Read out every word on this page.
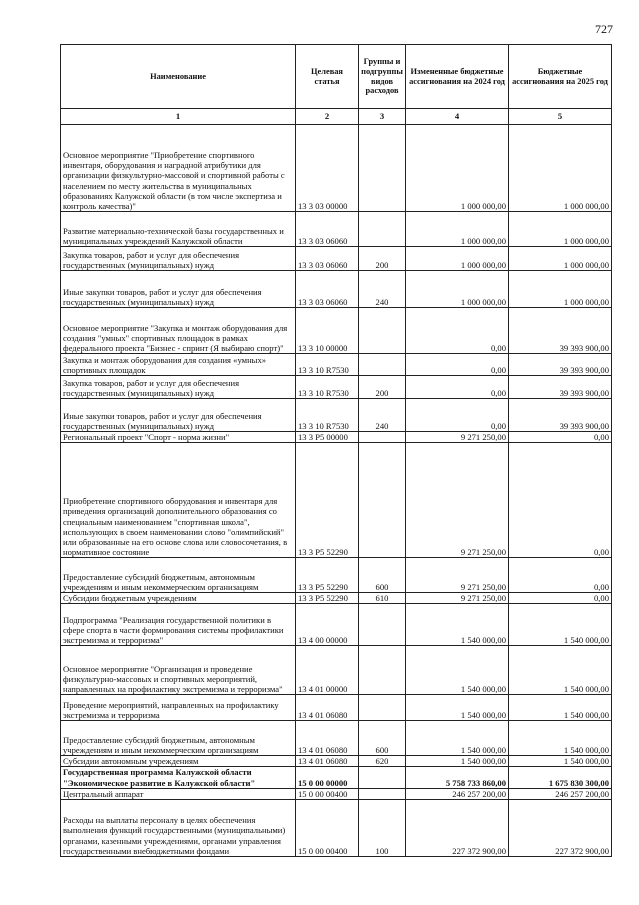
727
Наименование	Целевая статья	Группы и подгруппы видов расходов	Измененные бюджетные ассигнования на 2024 год	Бюджетные ассигнования на 2025 год
1	2	3	4	5
Основное мероприятие "Приобретение спортивного инвентаря, оборудования и наградной атрибутики для организации физкультурно-массовой и спортивной работы с населением по месту жительства в муниципальных образованиях Калужской области (в том числе экспертиза и контроль качества)"	13 3 03 00000		1 000 000,00	1 000 000,00
Развитие материально-технической базы государственных и муниципальных учреждений Калужской области	13 3 03 06060		1 000 000,00	1 000 000,00
Закупка товаров, работ и услуг для обеспечения государственных (муниципальных) нужд	13 3 03 06060	200	1 000 000,00	1 000 000,00
Иные закупки товаров, работ и услуг для обеспечения государственных (муниципальных) нужд	13 3 03 06060	240	1 000 000,00	1 000 000,00
Основное мероприятие "Закупка и монтаж оборудования для создания "умных" спортивных площадок в рамках федерального проекта "Бизнес - спринт (Я выбираю спорт)"	13 3 10 00000		0,00	39 393 900,00
Закупка и монтаж оборудования для создания «умных» спортивных площадок	13 3 10 R7530		0,00	39 393 900,00
Закупка товаров, работ и услуг для обеспечения государственных (муниципальных) нужд	13 3 10 R7530	200	0,00	39 393 900,00
Иные закупки товаров, работ и услуг для обеспечения государственных (муниципальных) нужд	13 3 10 R7530	240	0,00	39 393 900,00
Региональный проект "Спорт - норма жизни"	13 3 P5 00000		9 271 250,00	0,00
Приобретение спортивного оборудования и инвентаря для приведения организаций дополнительного образования со специальным наименованием "спортивная школа", использующих в своем наименовании слово "олимпийский" или образованные на его основе слова или словосочетания, в нормативное состояние	13 3 P5 52290		9 271 250,00	0,00
Предоставление субсидий бюджетным, автономным учреждениям и иным некоммерческим организациям	13 3 P5 52290	600	9 271 250,00	0,00
Субсидии бюджетным учреждениям	13 3 P5 52290	610	9 271 250,00	0,00
Подпрограмма "Реализация государственной политики в сфере спорта в части формирования системы профилактики экстремизма и терроризма"	13 4 00 00000		1 540 000,00	1 540 000,00
Основное мероприятие "Организация и проведение физкультурно-массовых и спортивных мероприятий, направленных на профилактику экстремизма и терроризма"	13 4 01 00000		1 540 000,00	1 540 000,00
Проведение мероприятий, направленных на профилактику экстремизма и терроризма	13 4 01 06080		1 540 000,00	1 540 000,00
Предоставление субсидий бюджетным, автономным учреждениям и иным некоммерческим организациям	13 4 01 06080	600	1 540 000,00	1 540 000,00
Субсидии автономным учреждениям	13 4 01 06080	620	1 540 000,00	1 540 000,00
Государственная программа Калужской области "Экономическое развитие в Калужской области"	15 0 00 00000		5 758 733 860,00	1 675 830 300,00
Центральный аппарат	15 0 00 00400		246 257 200,00	246 257 200,00
Расходы на выплаты персоналу в целях обеспечения выполнения функций государственными (муниципальными) органами, казенными учреждениями, органами управления государственными внебюджетными фондами	15 0 00 00400	100	227 372 900,00	227 372 900,00
